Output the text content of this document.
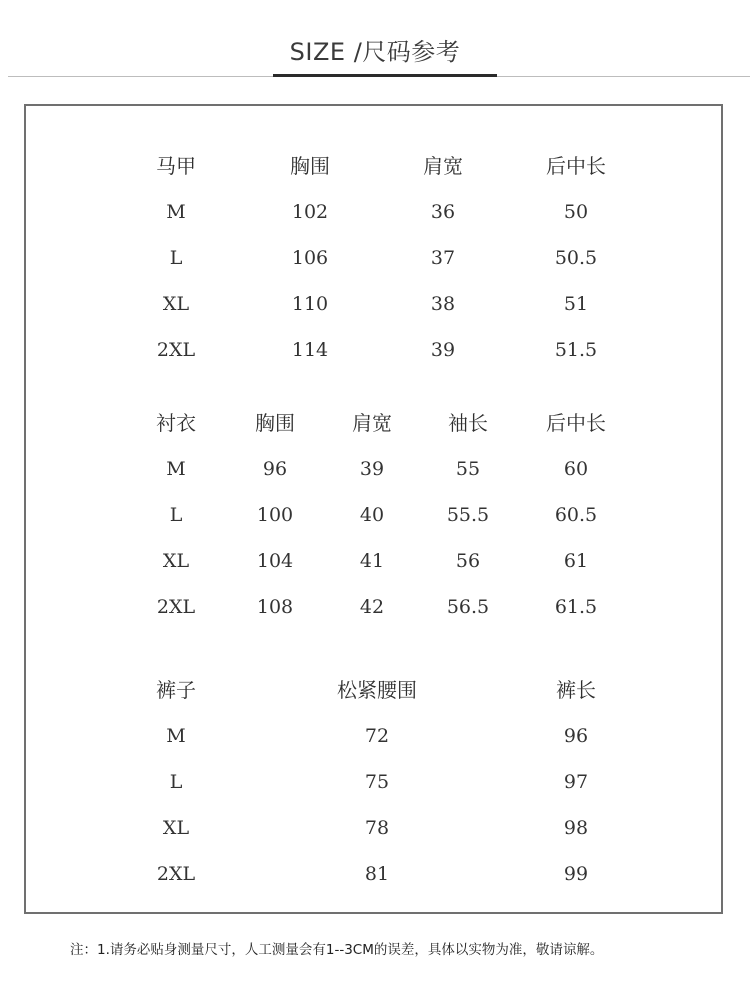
SIZE /尺码参考
马甲	胸围	肩宽	后中长
M	102	36	50
L	106	37	50.5
XL	110	38	51
2XL	114	39	51.5
衬衣	胸围	肩宽	袖长	后中长
M	96	39	55	60
L	100	40	55.5	60.5
XL	104	41	56	61
2XL	108	42	56.5	61.5
裤子	松紧腰围	裤长
M	72	96
L	75	97
XL	78	98
2XL	81	99
注：1.请务必贴身测量尺寸，人工测量会有1--3CM的误差，具体以实物为准，敬请谅解。
